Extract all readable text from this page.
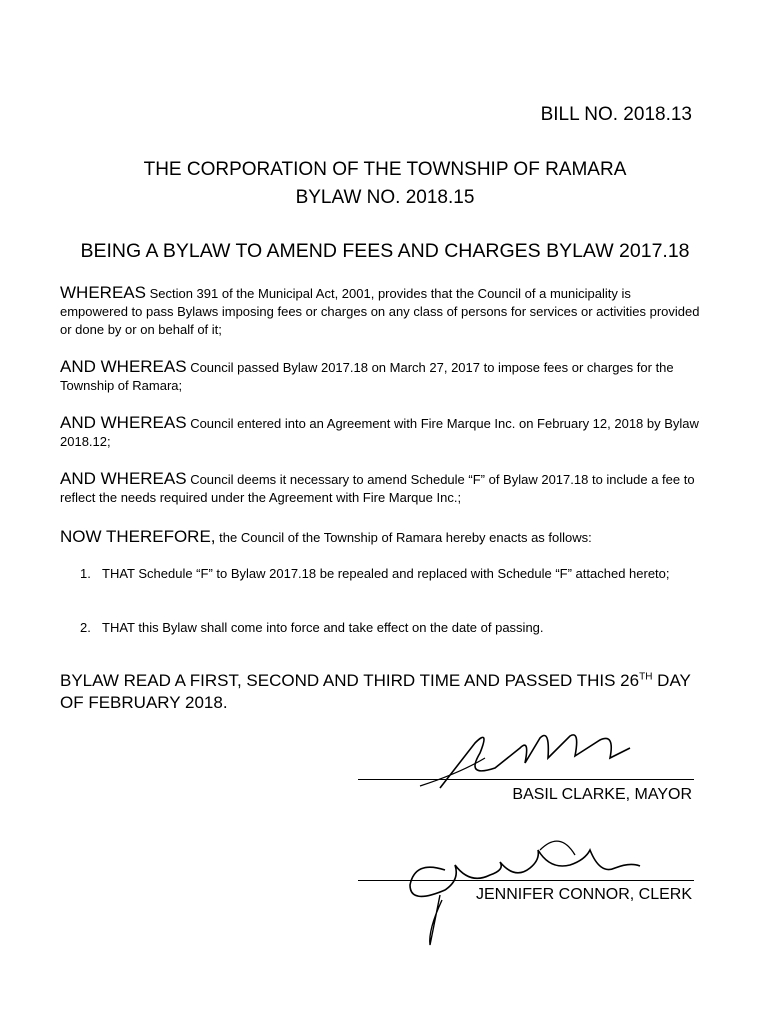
BILL NO. 2018.13
THE CORPORATION OF THE TOWNSHIP OF RAMARA
BYLAW NO. 2018.15
BEING A BYLAW TO AMEND FEES AND CHARGES BYLAW 2017.18
WHEREAS Section 391 of the Municipal Act, 2001, provides that the Council of a municipality is empowered to pass Bylaws imposing fees or charges on any class of persons for services or activities provided or done by or on behalf of it;
AND WHEREAS Council passed Bylaw 2017.18 on March 27, 2017 to impose fees or charges for the Township of Ramara;
AND WHEREAS Council entered into an Agreement with Fire Marque Inc. on February 12, 2018 by Bylaw 2018.12;
AND WHEREAS Council deems it necessary to amend Schedule “F” of Bylaw 2017.18 to include a fee to reflect the needs required under the Agreement with Fire Marque Inc.;
NOW THEREFORE, the Council of the Township of Ramara hereby enacts as follows:
1. THAT Schedule “F” to Bylaw 2017.18 be repealed and replaced with Schedule “F” attached hereto;
2. THAT this Bylaw shall come into force and take effect on the date of passing.
BYLAW READ A FIRST, SECOND AND THIRD TIME AND PASSED THIS 26TH DAY OF FEBRUARY 2018.
BASIL CLARKE, MAYOR
JENNIFER CONNOR, CLERK
